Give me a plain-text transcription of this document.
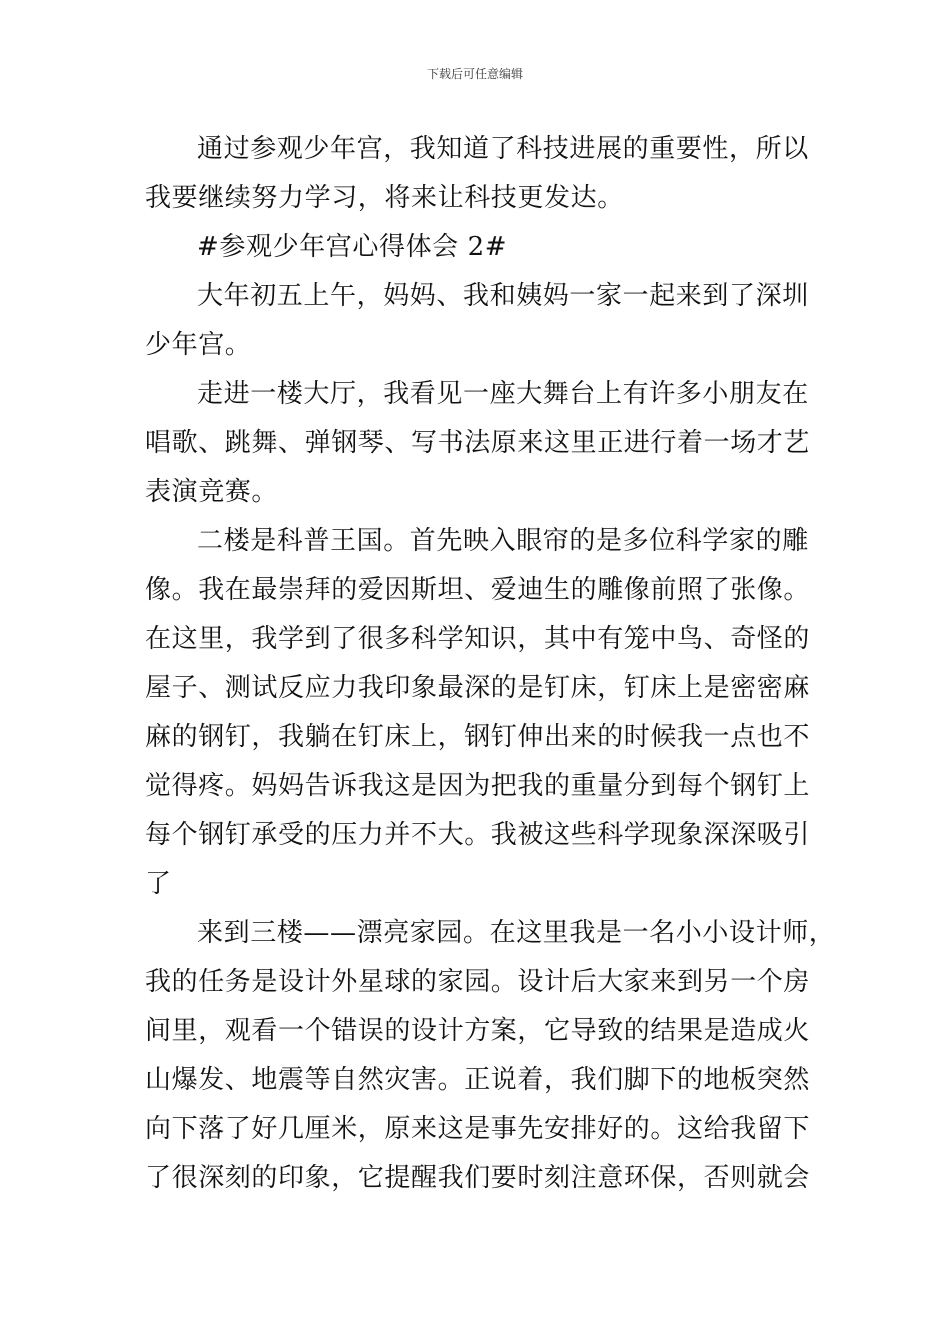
下载后可任意编辑
通过参观少年宫，我知道了科技进展的重要性，所以
我要继续努力学习，将来让科技更发达。
#参观少年宫心得体会 2#
大年初五上午，妈妈、我和姨妈一家一起来到了深圳
少年宫。
走进一楼大厅，我看见一座大舞台上有许多小朋友在
唱歌、跳舞、弹钢琴、写书法原来这里正进行着一场才艺
表演竞赛。
二楼是科普王国。首先映入眼帘的是多位科学家的雕
像。我在最崇拜的爱因斯坦、爱迪生的雕像前照了张像。
在这里，我学到了很多科学知识，其中有笼中鸟、奇怪的
屋子、测试反应力我印象最深的是钉床，钉床上是密密麻
麻的钢钉，我躺在钉床上，钢钉伸出来的时候我一点也不
觉得疼。妈妈告诉我这是因为把我的重量分到每个钢钉上
每个钢钉承受的压力并不大。我被这些科学现象深深吸引
了
来到三楼——漂亮家园。在这里我是一名小小设计师，
我的任务是设计外星球的家园。设计后大家来到另一个房
间里，观看一个错误的设计方案，它导致的结果是造成火
山爆发、地震等自然灾害。正说着，我们脚下的地板突然
向下落了好几厘米，原来这是事先安排好的。这给我留下
了很深刻的印象，它提醒我们要时刻注意环保，否则就会
